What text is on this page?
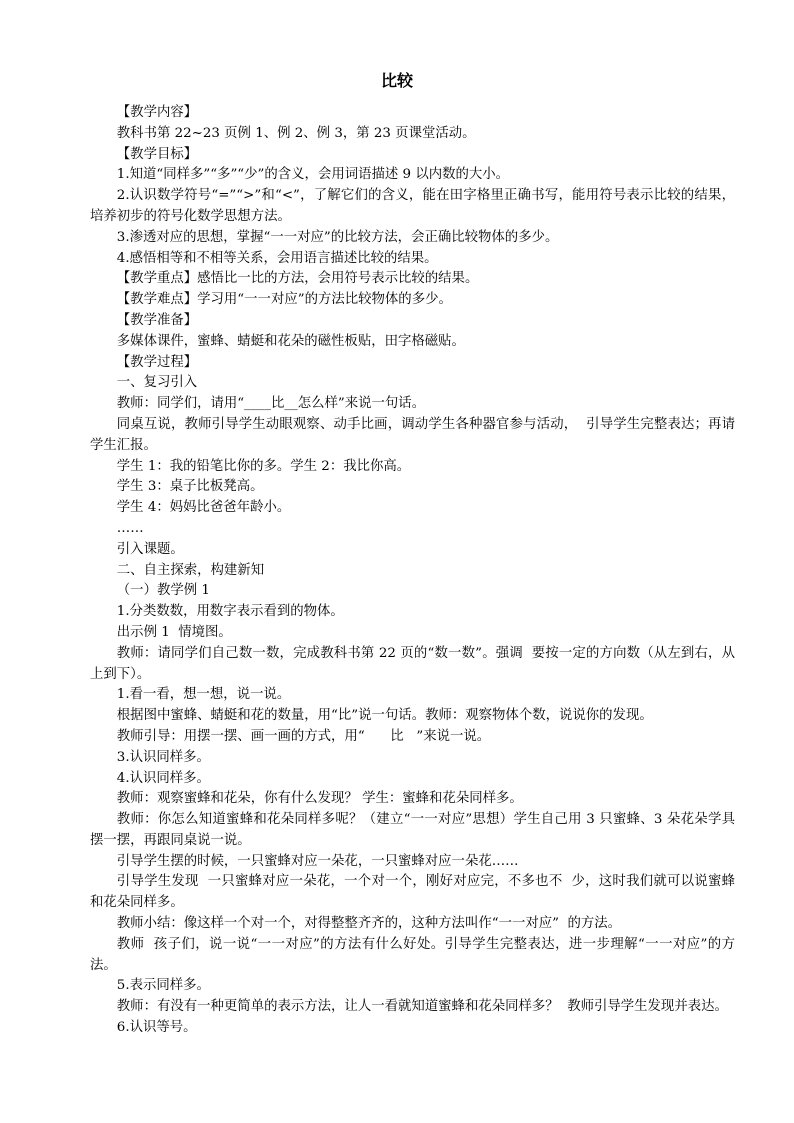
比较

【教学内容】

教科书第 22~23 页例 1、例 2、例 3，第 23 页课堂活动。

【教学目标】

1.知道“同样多”“多”“少”的含义，会用词语描述 9 以内数的大小。

2.认识数学符号“=”“>”和“<”，了解它们的含义，能在田字格里正确书写，能用符号表示比较的结果，培养初步的符号化数学思想方法。

3.渗透对应的思想，掌握“一一对应”的比较方法，会正确比较物体的多少。

4.感悟相等和不相等关系，会用语言描述比较的结果。

【教学重点】感悟比一比的方法，会用符号表示比较的结果。

【教学难点】学习用“一一对应”的方法比较物体的多少。

【教学准备】

多媒体课件，蜜蜂、蜻蜓和花朵的磁性板贴，田字格磁贴。

【教学过程】

一、复习引入

教师：同学们，请用“____比__怎么样”来说一句话。

同桌互说，教师引导学生动眼观察、动手比画，调动学生各种器官参与活动，  引导学生完整表达；再请学生汇报。

学生 1：我的铅笔比你的多。学生 2：我比你高。

学生 3：桌子比板凳高。

学生 4：妈妈比爸爸年龄小。

……

引入课题。

二、自主探索，构建新知

（一）教学例 1

1.分类数数，用数字表示看到的物体。

出示例 1  情境图。

教师：请同学们自己数一数，完成教科书第 22 页的“数一数”。强调  要按一定的方向数（从左到右，从上到下）。

1.看一看，想一想，说一说。

根据图中蜜蜂、蜻蜓和花的数量，用“比”说一句话。教师：观察物体个数，说说你的发现。

教师引导：用摆一摆、画一画的方式，用“      比   ”来说一说。

3.认识同样多。

4.认识同样多。

教师：观察蜜蜂和花朵，你有什么发现？ 学生：蜜蜂和花朵同样多。

教师：你怎么知道蜜蜂和花朵同样多呢？（建立“一一对应”思想）学生自己用 3 只蜜蜂、3 朵花朵学具摆一摆，再跟同桌说一说。

引导学生摆的时候，一只蜜蜂对应一朵花，一只蜜蜂对应一朵花……

引导学生发现  一只蜜蜂对应一朵花，一个对一个，刚好对应完，不多也不  少，这时我们就可以说蜜蜂和花朵同样多。

教师小结：像这样一个对一个，对得整整齐齐的，这种方法叫作“一一对应”  的方法。

教师  孩子们，说一说“一一对应”的方法有什么好处。引导学生完整表达，进一步理解“一一对应”的方法。

5.表示同样多。

教师：有没有一种更简单的表示方法，让人一看就知道蜜蜂和花朵同样多？  教师引导学生发现并表达。

6.认识等号。
